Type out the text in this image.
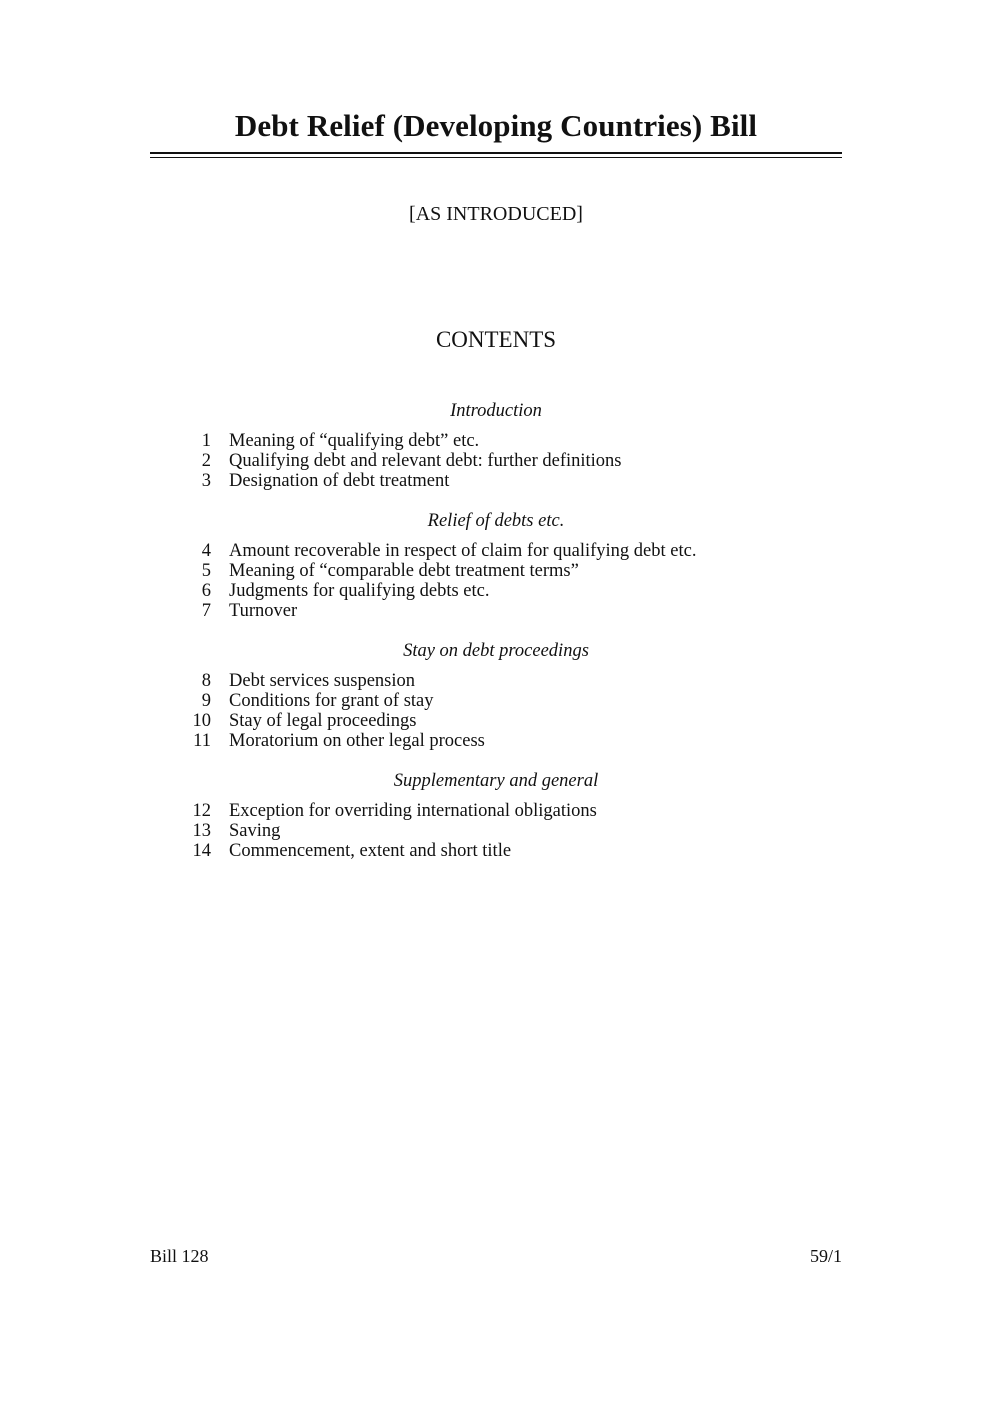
Debt Relief (Developing Countries) Bill
[AS INTRODUCED]
CONTENTS
Introduction
1 Meaning of “qualifying debt” etc.
2 Qualifying debt and relevant debt: further definitions
3 Designation of debt treatment
Relief of debts etc.
4 Amount recoverable in respect of claim for qualifying debt etc.
5 Meaning of “comparable debt treatment terms”
6 Judgments for qualifying debts etc.
7 Turnover
Stay on debt proceedings
8 Debt services suspension
9 Conditions for grant of stay
10 Stay of legal proceedings
11 Moratorium on other legal process
Supplementary and general
12 Exception for overriding international obligations
13 Saving
14 Commencement, extent and short title
Bill 128	59/1
